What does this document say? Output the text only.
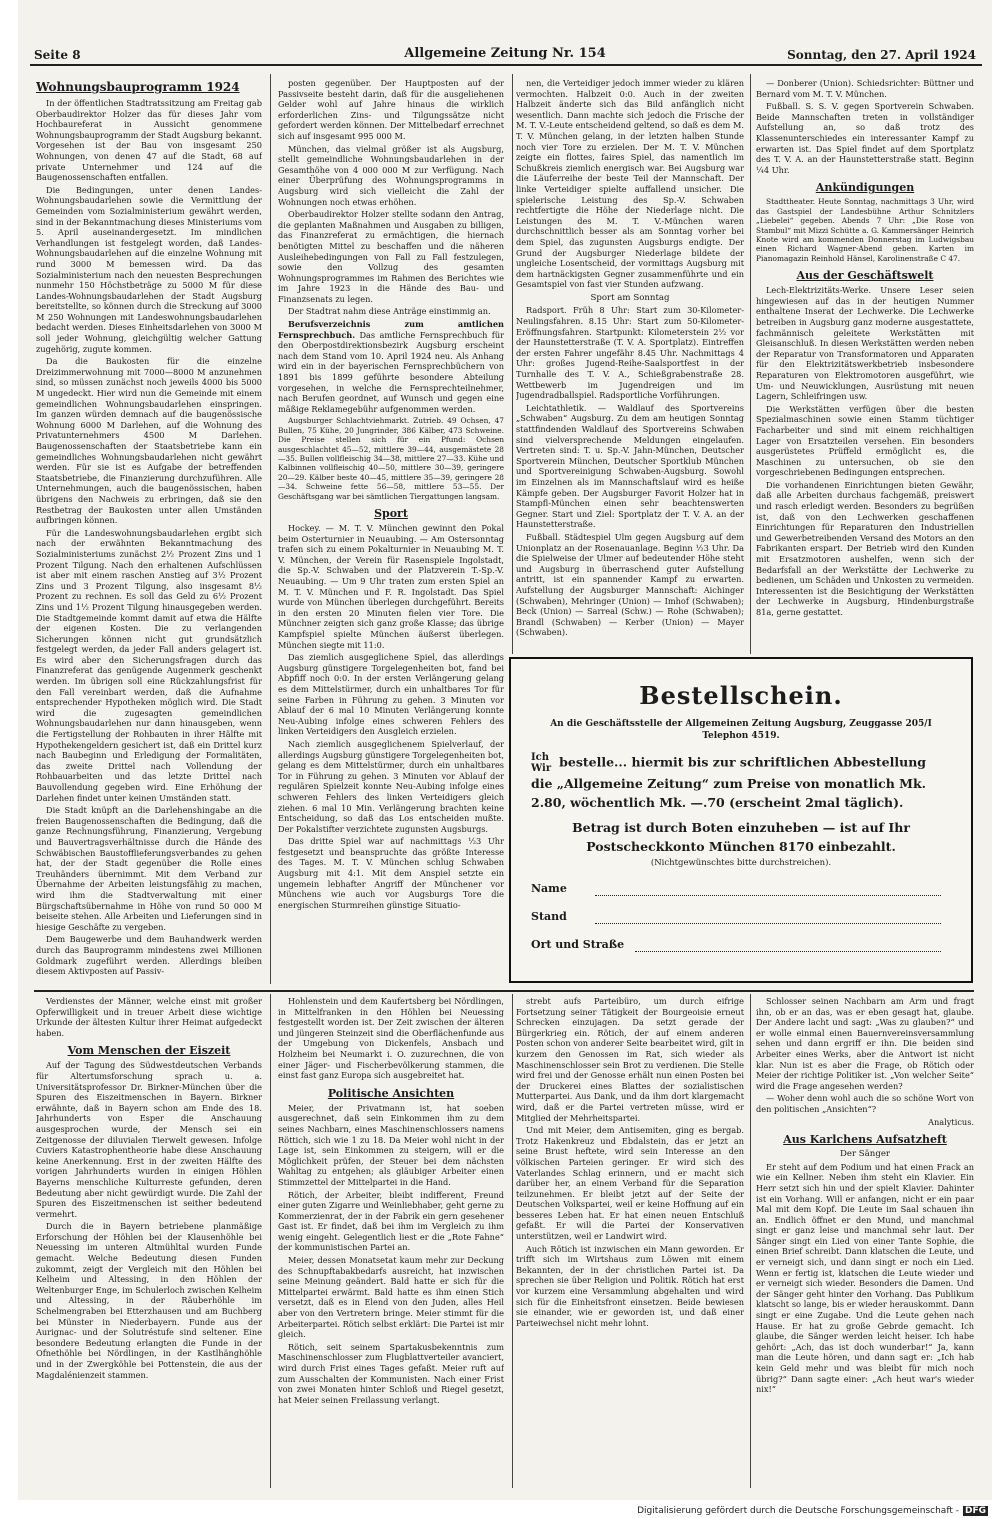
Seite 8	Allgemeine Zeitung Nr. 154	Sonntag, den 27. April 1924
Wohnungsbauprogramm 1924

In der öffentlichen Stadtratssitzung am Freitag gab Oberbaudirektor Holzer das für dieses Jahr vom Hochbaureferat in Aussicht genommene Wohnungsbauprogramm der Stadt Augsburg bekannt. Vorgesehen ist der Bau von insgesamt 250 Wohnungen, von denen 47 auf die Stadt, 68 auf private Unternehmer und 124 auf die Baugenossenschaften entfallen.

Die Bedingungen, unter denen Landes-Wohnungsbaudarlehen sowie die Vermittlung der Gemeinden vom Sozialministerium gewährt werden, sind in der Bekanntmachung dieses Ministeriums vom 5. April auseinandergesetzt. Im mindlichen Verhandlungen ist festgelegt worden, daß Landes-Wohnungsbaudarlehen auf die einzelne Wohnung mit rund 3000 M bemessen wird. Da das Sozialministerium nach den neuesten Besprechungen nunmehr 150 Höchstbeträge zu 5000 M für diese Landes-Wohnungsbaudarlehen der Stadt Augsburg bereitstellte, so können durch die Streckung auf 3000 M 250 Wohnungen mit Landeswohnungsbaudarlehen bedacht werden. Dieses Einheitsdarlehen von 3000 M soll jeder Wohnung, gleichgültig welcher Gattung zugehörig, zugute kommen.

Da die Baukosten für die einzelne Dreizimmerwohnung mit 7000—8000 M anzunehmen sind, so müssen zunächst noch jeweils 4000 bis 5000 M ungedeckt. Hier wird nun die Gemeinde mit einem gemeindlichen Wohnungsbaudarlehen einspringen. Im ganzen würden demnach auf die baugenössische Wohnung 6000 M Darlehen, auf die Wohnung des Privatunternehmers 4500 M Darlehen. Baugenossenschaften der Staatsbetriebe kann ein gemeindliches Wohnungsbaudarlehen nicht gewährt werden. Für sie ist es Aufgabe der betreffenden Staatsbetriebe, die Finanzierung durchzuführen. Alle Unternehmungen, auch die baugenössischen, haben übrigens den Nachweis zu erbringen, daß sie den Restbetrag der Baukosten unter allen Umständen aufbringen können.

Für die Landeswohnungsbaudarlehen ergibt sich nach der erwähnten Bekanntmachung des Sozialministeriums zunächst 2½ Prozent Zins und 1 Prozent Tilgung. Nach den erhaltenen Aufschlüssen ist aber mit einem raschen Anstieg auf 3½ Prozent Zins und 3 Prozent Tilgung, also insgesamt 8½ Prozent zu rechnen. Es soll das Geld zu 6½ Prozent Zins und 1½ Prozent Tilgung hinausgegeben werden. Die Stadtgemeinde kommt damit auf etwa die Hälfte der eigenen Kosten. Die zu verlangenden Sicherungen können nicht gut grundsätzlich festgelegt werden, da jeder Fall anders gelagert ist. Es wird aber den Sicherungsfragen durch das Finanzreferat das genügende Augenmerk geschenkt werden. Im übrigen soll eine Rückzahlungsfrist für den Fall vereinbart werden, daß die Aufnahme entsprechender Hypotheken möglich wird. Die Stadt wird die zugesagten gemeindlichen Wohnungsbaudarlehen nur dann hinausgeben, wenn die Fertigstellung der Rohbauten in ihrer Hälfte mit Hypothekengeldern gesichert ist, daß ein Drittel kurz nach Baubeginn und Erledigung der Formalitäten, das zweite Drittel nach Vollendung der Rohbauarbeiten und das letzte Drittel nach Bauvollendung gegeben wird. Eine Erhöhung der Darlehen findet unter keinen Umständen statt.

Die Stadt knüpft an die Darlehenshingabe an die freien Baugenossenschaften die Bedingung, daß die ganze Rechnungsführung, Finanzierung, Vergebung und Bauvertragsverhältnisse durch die Hände des Schwäbischen Baustofflieferungsverbandes zu gehen hat, der der Stadt gegenüber die Rolle eines Treuhänders übernimmt. Mit dem Verband zur Übernahme der Arbeiten leistungsfähig zu machen, wird ihm die Stadtverwaltung mit einer Bürgschaftsübernahme in Höhe von rund 50 000 M beiseite stehen. Alle Arbeiten und Lieferungen sind in hiesige Geschäfte zu vergeben.

Dem Baugewerbe und dem Bauhandwerk werden durch das Bauprogramm mindestens zwei Millionen Goldmark zugeführt werden. Allerdings bleiben diesem Aktivposten auf Passiv-

posten gegenüber. Der Hauptposten auf der Passivseite besteht darin, daß für die ausgeliehenen Gelder wohl auf Jahre hinaus die wirklich erforderlichen Zins- und Tilgungssätze nicht gefordert werden können. Der Mittelbedarf errechnet sich auf insgesamt 995 000 M.

München, das vielmal größer ist als Augsburg, stellt gemeindliche Wohnungsbaudarlehen in der Gesamthöhe von 4 000 000 M zur Verfügung. Nach einer Überprüfung des Wohnungsprogramms in Augsburg wird sich vielleicht die Zahl der Wohnungen noch etwas erhöhen.

Oberbaudirektor Holzer stellte sodann den Antrag, die geplanten Maßnahmen und Ausgaben zu billigen, das Finanzreferat zu ermächtigen, die hiernach benötigten Mittel zu beschaffen und die näheren Ausleihebedingungen von Fall zu Fall festzulegen, sowie den Vollzug des gesamten Wohnungsprogrammes im Rahmen des Berichtes wie im Jahre 1923 in die Hände des Bau- und Finanzsenats zu legen.

Der Stadtrat nahm diese Anträge einstimmig an.

Berufsverzeichnis zum amtlichen Fernsprechbuch. Das amtliche Fernsprechbuch für den Oberpostdirektionsbezirk Augsburg erscheint nach dem Stand vom 10. April 1924 neu. Als Anhang wird ein in der bayerischen Fernsprechbüchern von 1891 bis 1899 geführte besondere Abteilung vorgesehen, in welche die Fernsprechteilnehmer, nach Berufen geordnet, auf Wunsch und gegen eine mäßige Reklamegebühr aufgenommen werden.

Augsburger Schlachtviehmarkt. Zutrieb. 49 Ochsen, 47 Bullen, 75 Kühe, 20 Jungrinder, 386 Kälber, 473 Schweine. Die Preise stellen sich für ein Pfund: Ochsen ausgeschlachtet 45—52, mittlere 39—44, ausgemästete 28—35. Bullen vollfleischig 34—38, mittlere 27—33. Kühe und Kalbinnen vollfleischig 40—50, mittlere 30—39, geringere 20—29. Kälber beste 40—45, mittlere 35—39, geringere 28—34. Schweine fette 56—58, mittlere 53—55. Der Geschäftsgang war bei sämtlichen Tiergattungen langsam.

Sport

Hockey. — M. T. V. München gewinnt den Pokal beim Osterturnier in Neuaubing. — Am Ostersonntag trafen sich zu einem Pokalturnier in Neuaubing M. T. V. München, der Verein für Rasenspiele Ingolstadt, die Sp.-V. Schwaben und der Platzverein T.-Sp.-V. Neuaubing. — Um 9 Uhr traten zum ersten Spiel an M. T. V. München und F. R. Ingolstadt. Das Spiel wurde von München überlegen durchgeführt. Bereits in den ersten 20 Minuten fielen vier Tore. Die Münchner zeigten sich ganz große Klasse; das übrige Kampfspiel spielte München äußerst überlegen. München siegte mit 11:0.

Das ziemlich ausgeglichene Spiel, das allerdings Augsburg günstigere Torgelegenheiten bot, fand bei Abpfiff noch 0:0. In der ersten Verlängerung gelang es dem Mittelstürmer, durch ein unhaltbares Tor für seine Farben in Führung zu gehen. 3 Minuten vor Ablauf der 6 mal 10 Minuten Verlängerung konnte Neu-Aubing infolge eines schweren Fehlers des linken Verteidigers den Ausgleich erzielen.

Nach ziemlich ausgeglichenem Spielverlauf, der allerdings Augsburg günstigere Torgelegenheiten bot, gelang es dem Mittelstürmer, durch ein unhaltbares Tor in Führung zu gehen. 3 Minuten vor Ablauf der regulären Spielzeit konnte Neu-Aubing infolge eines schweren Fehlers des linken Verteidigers gleich ziehen. 6 mal 10 Min. Verlängerung brachten keine Entscheidung, so daß das Los entscheiden mußte. Der Pokalstifter verzichtete zugunsten Augsburgs.

Das dritte Spiel war auf nachmittags ½3 Uhr festgesetzt und beanspruchte das größte Interesse des Tages. M. T. V. München schlug Schwaben Augsburg mit 4:1. Mit dem Anspiel setzte ein ungemein lebhafter Angriff der Münchener vor Münchens wie auch vor Augsburgs Tore die energischen Sturmreihen günstige Situatio-

nen, die Verteidiger jedoch immer wieder zu klären vermochten. Halbzeit 0:0. Auch in der zweiten Halbzeit änderte sich das Bild anfänglich nicht wesentlich. Dann machte sich jedoch die Frische der M. T. V.-Leute entscheidend geltend, so daß es dem M. T. V. München gelang, in der letzten halben Stunde noch vier Tore zu erzielen. Der M. T. V. München zeigte ein flottes, faires Spiel, das namentlich im Schußkreis ziemlich energisch war. Bei Augsburg war die Läuferreihe der beste Teil der Mannschaft. Der linke Verteidiger spielte auffallend unsicher. Die spielerische Leistung des Sp.-V. Schwaben rechtfertigte die Höhe der Niederlage nicht. Die Leistungen des M. T. V.-München waren durchschnittlich besser als am Sonntag vorher bei dem Spiel, das zugunsten Augsburgs endigte. Der Grund der Augsburger Niederlage bildete der ungleiche Losentscheid, der vormittags Augsburg mit dem hartnäckigsten Gegner zusammenführte und ein Gesamtspiel von fast vier Stunden aufzwang.

Sport am Sonntag

Radsport. Früh 8 Uhr: Start zum 30-Kilometer-Neulingsfahren. 8.15 Uhr: Start zum 50-Kilometer-Eröffnungsfahren. Startpunkt: Kilometerstein 2½ vor der Haunstetterstraße (T. V. A. Sportplatz). Eintreffen der ersten Fahrer ungefähr 8.45 Uhr. Nachmittags 4 Uhr: großes Jugend-Reihe-Saalsportfest in der Turnhalle des T. V. A., Schießgrabenstraße 28. Wettbewerb im Jugendreigen und im Jugendradballspiel. Radsportliche Vorführungen.

Leichtathletik. — Waldlauf des Sportvereins „Schwaben“ Augsburg. Zu dem am heutigen Sonntag stattfindenden Waldlauf des Sportvereins Schwaben sind vielversprechende Meldungen eingelaufen. Vertreten sind: T. u. Sp.-V. Jahn-München, Deutscher Sportverein München, Deutscher Sportklub München und Sportvereinigung Schwaben-Augsburg. Sowohl im Einzelnen als im Mannschaftslauf wird es heiße Kämpfe geben. Der Augsburger Favorit Holzer hat in Stampfl-München einen sehr beachtenswerten Gegner. Start und Ziel: Sportplatz der T. V. A. an der Haunstetterstraße.

Fußball. Städtespiel Ulm gegen Augsburg auf dem Unionplatz an der Rosenauanlage. Beginn ½3 Uhr. Da die Spielweise der Ulmer auf bedeutender Höhe steht und Augsburg in überraschend guter Aufstellung antritt, ist ein spannender Kampf zu erwarten. Aufstellung der Augsburger Mannschaft: Aichinger (Schwaben), Mehringer (Union) — Imhof (Schwaben); Beck (Union) — Sarreal (Schw.) — Rohe (Schwaben); Brandl (Schwaben) — Kerber (Union) — Mayer (Schwaben).

— Donberer (Union). Schiedsrichter: Büttner und Bernard vom M. T. V. München.

Fußball. S. S. V. gegen Sportverein Schwaben. Beide Mannschaften treten in vollständiger Aufstellung an, so daß trotz des Klassenunterschiedes ein interessanter Kampf zu erwarten ist. Das Spiel findet auf dem Sportplatz des T. V. A. an der Haunstetterstraße statt. Beginn ¼4 Uhr.

Ankündigungen

Stadttheater. Heute Sonntag, nachmittags 3 Uhr, wird das Gastspiel der Landesbühne Arthur Schnitzlers „Liebelei“ gegeben. Abends 7 Uhr: „Die Rose von Stambul“ mit Mizzi Schütte a. G. Kammersänger Heinrich Knote wird am kommenden Donnerstag im Ludwigsbau einen Richard Wagner-Abend geben. Karten im Pianomagazin Reinhold Hänsel, Karolinenstraße C 47.

Aus der Geschäftswelt

Lech-Elektrizitäts-Werke. Unsere Leser seien hingewiesen auf das in der heutigen Nummer enthaltene Inserat der Lechwerke. Die Lechwerke betreiben in Augsburg ganz moderne ausgestattete, fachmännisch geleitete Werkstätten mit Gleisanschluß. In diesen Werkstätten werden neben der Reparatur von Transformatoren und Apparaten für den Elektrizitätswerkbetrieb insbesondere Reparaturen von Elektromotoren ausgeführt, wie Um- und Neuwicklungen, Ausrüstung mit neuen Lagern, Schleifringen usw.

Die Werkstätten verfügen über die besten Spezialmaschinen sowie einen Stamm tüchtiger Facharbeiter und sind mit einem reichhaltigen Lager von Ersatzteilen versehen. Ein besonders ausgerüstetes Prüffeld ermöglicht es, die Maschinen zu untersuchen, ob sie den vorgeschriebenen Bedingungen entsprechen.

Die vorhandenen Einrichtungen bieten Gewähr, daß alle Arbeiten durchaus fachgemäß, preiswert und rasch erledigt werden. Besonders zu begrüßen ist, daß von den Lechwerken geschaffenen Einrichtungen für Reparaturen den Industriellen und Gewerbetreibenden Versand des Motors an den Fabrikanten erspart. Der Betrieb wird den Kunden mit Ersatzmotoren aushelfen, wenn sich der Bedarfsfall an der Werkstätte der Lechwerke zu bedienen, um Schäden und Unkosten zu vermeiden. Interessenten ist die Besichtigung der Werkstätten der Lechwerke in Augsburg, Hindenburgstraße 81a, gerne gestattet.

Bestellschein.
An die Geschäftsstelle der Allgemeinen Zeitung Augsburg, Zeuggasse 205/I Telephon 4519.
Ich
Wir bestelle... hiermit bis zur schriftlichen Abbestellung die „Allgemeine Zeitung“ zum Preise von monatlich Mk. 2.80, wöchentlich Mk. —.70 (erscheint 2mal täglich).
Betrag ist durch Boten einzuheben — ist auf Ihr Postscheckkonto München 8170 einbezahlt.
(Nichtgewünschtes bitte durchstreichen).
Name
Stand
Ort und Straße

Verdienstes der Männer, welche einst mit großer Opferwilligkeit und in treuer Arbeit diese wichtige Urkunde der ältesten Kultur ihrer Heimat aufgedeckt haben.

Vom Menschen der Eiszeit

Auf der Tagung des Südwestdeutschen Verbands für Altertumsforschung sprach u. a. Universitätsprofessor Dr. Birkner-München über die Spuren des Eiszeitmenschen in Bayern. Birkner erwähnte, daß in Bayern schon am Ende des 18. Jahrhunderts von Esper die Anschauung ausgesprochen wurde, der Mensch sei ein Zeitgenosse der diluvialen Tierwelt gewesen. Infolge Cuviers Katastrophentheorie habe diese Anschauung keine Anerkennung. Erst in der zweiten Hälfte des vorigen Jahrhunderts wurden in einigen Höhlen Bayerns menschliche Kulturreste gefunden, deren Bedeutung aber nicht gewürdigt wurde. Die Zahl der Spuren des Eiszeitmenschen ist seither bedeutend vermehrt.

Durch die in Bayern betriebene planmäßige Erforschung der Höhlen bei der Klausenhöhle bei Neuessing im unteren Altmühltal wurden Funde gemacht. Welche Bedeutung diesen Funden zukommt, zeigt der Vergleich mit den Höhlen bei Kelheim und Altessing, in den Höhlen der Weltenburger Enge, im Schulerloch zwischen Kelheim und Altessing, in der Räuberhöhle im Schelmengraben bei Etterzhausen und am Buchberg bei Münster in Niederbayern. Funde aus der Aurignac- und der Solutréstufe sind seltener. Eine besondere Bedeutung erlangten die Funde in der Ofnethöhle bei Nördlingen, in der Kastlhänghöhle und in der Zwergköhle bei Pottenstein, die aus der Magdalénienzeit stammen.

Hohlenstein und dem Kaufertsberg bei Nördlingen, in Mittelfranken in den Höhlen bei Neuessing festgestellt worden ist. Der Zeit zwischen der älteren und jüngeren Steinzeit sind die Oberflächenfunde aus der Umgebung von Dickenfels, Ansbach und Holzheim bei Neumarkt i. O. zuzurechnen, die von einer Jäger- und Fischerbevölkerung stammen, die einst fast ganz Europa sich ausgebreitet hat.

Politische Ansichten

Meier, der Privatmann ist, hat soeben ausgerechnet, daß sein Einkommen ihm zu dem seines Nachbarn, eines Maschinenschlossers namens Röttich, sich wie 1 zu 18. Da Meier wohl nicht in der Lage ist, sein Einkommen zu steigern, will er die Möglichkeit prüfen, der Steuer bei dem nächsten Wahltag zu entgehen; als gläubiger Arbeiter einen Stimmzettel der Mittelpartei in die Hand.

Rötich, der Arbeiter, bleibt indifferent, Freund einer guten Zigarre und Weinliebhaber, geht gerne zu Kommerzienrat, der in der Fabrik ein gern gesehener Gast ist. Er findet, daß bei ihm im Vergleich zu ihm wenig eingeht. Gelegentlich liest er die „Rote Fahne“ der kommunistischen Partei an.

Meier, dessen Monatsetat kaum mehr zur Deckung des Schnupftabakbedarfs ausreicht, hat inzwischen seine Meinung geändert. Bald hatte er sich für die Mittelpartei erwärmt. Bald hatte es ihm einen Stich versetzt, daß es in Elend von den Juden, alles Heil aber von den Vertretern bringe. Meier stimmt für die Arbeiterpartei. Rötich selbst erklärt: Die Partei ist mir gleich.

Rötich, seit seinem Spartakusbekenntnis zum Maschinenschlosser zum Flugblattverteiler avanciert, wird durch Frist eines Tages gefaßt. Meier ruft auf zum Ausschalten der Kommunisten. Nach einer Frist von zwei Monaten hinter Schloß und Riegel gesetzt, hat Meier seinen Freilassung verlangt.

strebt aufs Parteibüro, um durch eifrige Fortsetzung seiner Tätigkeit der Bourgeoisie erneut Schrecken einzujagen. Da setzt gerade der Bürgerkrieg ein. Rötich, der auf einem anderen Posten schon von anderer Seite bearbeitet wird, gilt in kurzem den Genossen im Rat, sich wieder als Maschinenschlosser sein Brot zu verdienen. Die Stelle wird frei und der Genosse erhält nun einen Posten bei der Druckerei eines Blattes der sozialistischen Mutterpartei. Aus Dank, und da ihm dort klargemacht wird, daß er die Partei vertreten müsse, wird er Mitglied der Mehrheitspartei.

Und mit Meier, dem Antisemiten, ging es bergab. Trotz Hakenkreuz und Ebdalstein, das er jetzt an seine Brust heftete, wird sein Interesse an den völkischen Parteien geringer. Er wird sich des Vaterlandes Schlag erinnern, und er macht sich darüber her, an einem Verband für die Separation teilzunehmen. Er bleibt jetzt auf der Seite der Deutschen Volkspartei, weil er keine Hoffnung auf ein besseres Leben hat. Er hat einen neuen Entschluß gefaßt. Er will die Partei der Konservativen unterstützen, weil er Landwirt wird.

Auch Rötich ist inzwischen ein Mann geworden. Er trifft sich im Wirtshaus zum Löwen mit einem Bekannten, der in der christlichen Partei ist. Da sprechen sie über Religion und Politik. Rötich hat erst vor kurzem eine Versammlung abgehalten und wird sich für die Einheitsfront einsetzen. Beide bewiesen sie einander, wie er geworden ist, und daß einer Parteiwechsel nicht mehr lohnt.

Schlosser seinen Nachbarn am Arm und fragt ihn, ob er an das, was er eben gesagt hat, glaube. Der Andere lacht und sagt: „Was zu glauben?“ und er wolle einmal einen Bauernvereinsversammlung sehen und dann ergriff er ihn. Die beiden sind Arbeiter eines Werks, aber die Antwort ist nicht klar. Nun ist es aber die Frage, ob Rötich oder Meier der richtige Politiker ist. „Von welcher Seite“ wird die Frage angesehen werden?

— Woher denn wohl auch die so schöne Wort von den politischen „Ansichten“?

Analyticus.

Aus Karlchens Aufsatzheft
Der Sänger

Er steht auf dem Podium und hat einen Frack an wie ein Kellner. Neben ihm steht ein Klavier. Ein Herr setzt sich hin und der spielt Klavier. Dahinter ist ein Vorhang. Will er anfangen, nicht er ein paar Mal mit dem Kopf. Die Leute im Saal schauen ihn an. Endlich öffnet er den Mund, und manchmal singt er ganz leise und manchmal sehr laut. Der Sänger singt ein Lied von einer Tante Sophie, die einen Brief schreibt. Dann klatschen die Leute, und er verneigt sich, und dann singt er noch ein Lied. Wenn er fertig ist, klatschen die Leute wieder und er verneigt sich wieder. Besonders die Damen. Und der Sänger geht hinter den Vorhang. Das Publikum klatscht so lange, bis er wieder herauskommt. Dann singt er eine Zugabe. Und die Leute gehen nach Hause. Er hat zu große Gebrde gemacht. Ich glaube, die Sänger werden leicht heiser. Ich habe gehört: „Ach, das ist doch wunderbar!“ Ja, kann man die Leute hören, und dann sagt er: „Ich hab kein Geld mehr und was bleibt für mich noch übrig?“ Dann sagte einer: „Ach heut war's wieder nix!“

Digitalisierung gefördert durch die Deutsche Forschungsgemeinschaft - DFG
